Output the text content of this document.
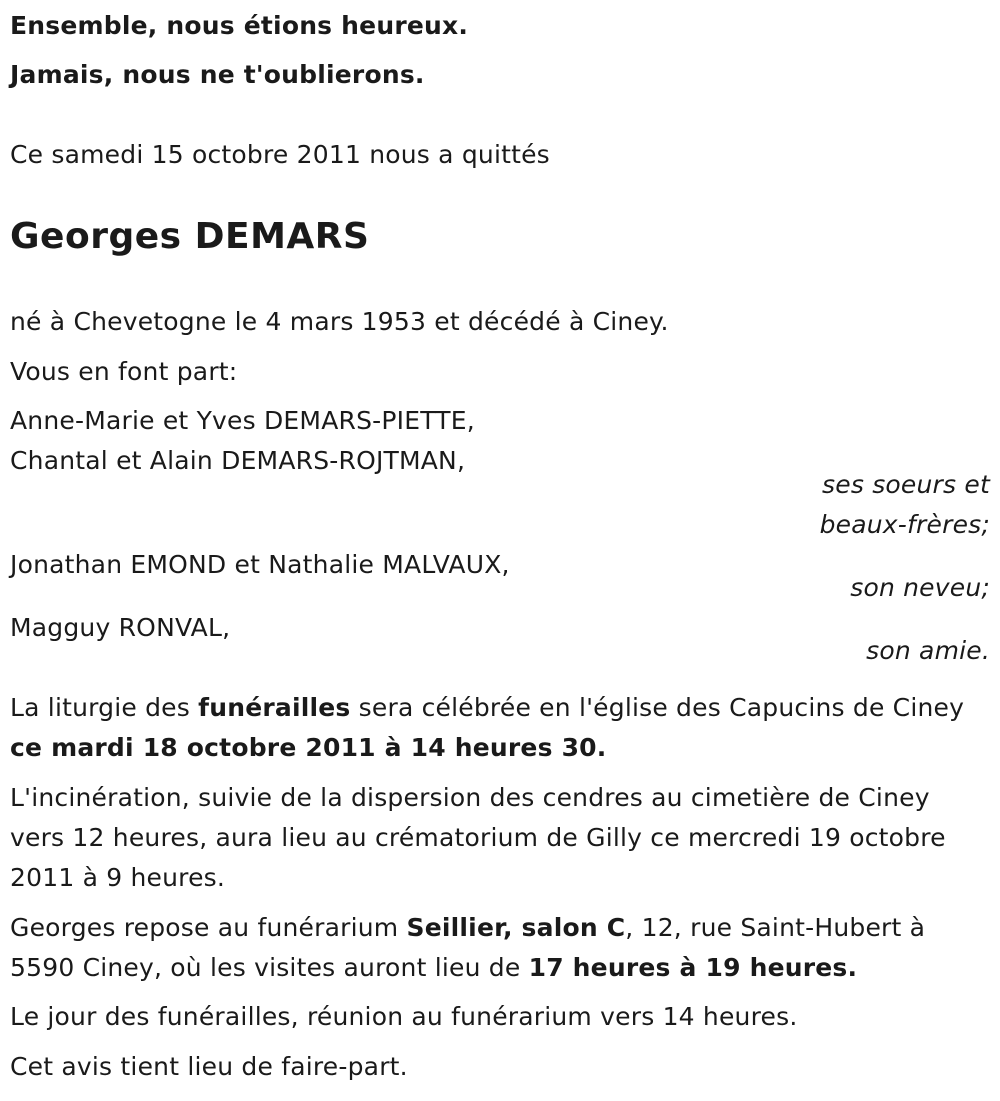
Ensemble, nous étions heureux.
Jamais, nous ne t'oublierons.
Ce samedi 15 octobre 2011 nous a quittés
Georges DEMARS
né à Chevetogne le 4 mars 1953 et décédé à Ciney.
Vous en font part:
Anne-Marie et Yves DEMARS-PIETTE,
Chantal et Alain DEMARS-ROJTMAN,
ses soeurs et
beaux-frères;
Jonathan EMOND et Nathalie MALVAUX,
son neveu;
Magguy RONVAL,
son amie.
La liturgie des funérailles sera célébrée en l'église des Capucins de Ciney
ce mardi 18 octobre 2011 à 14 heures 30.
L'incinération, suivie de la dispersion des cendres au cimetière de Ciney
vers 12 heures, aura lieu au crématorium de Gilly ce mercredi 19 octobre
2011 à 9 heures.
Georges repose au funérarium Seillier, salon C, 12, rue Saint-Hubert à
5590 Ciney, où les visites auront lieu de 17 heures à 19 heures.
Le jour des funérailles, réunion au funérarium vers 14 heures.
Cet avis tient lieu de faire-part.
